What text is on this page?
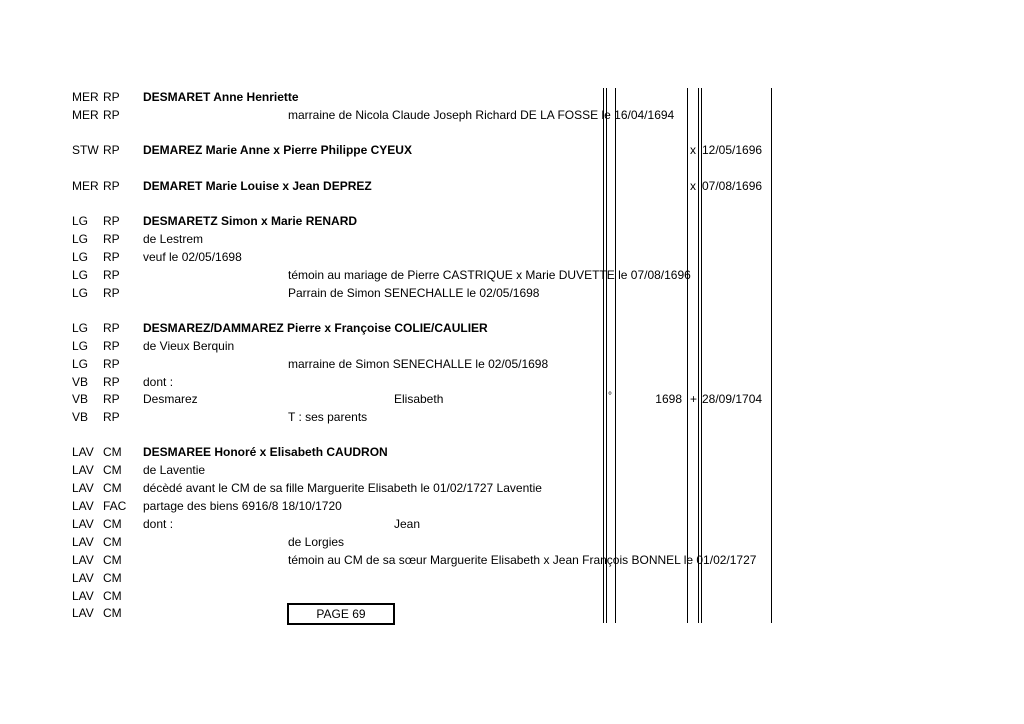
MER RP DESMARET Anne Henriette
MER RP	marraine de Nicola Claude Joseph Richard DE LA FOSSE le 16/04/1694
STW RP DEMAREZ Marie Anne x Pierre Philippe CYEUX	x 12/05/1696
MER RP DEMARET Marie Louise x Jean DEPREZ	x 07/08/1696
LG RP DESMARETZ Simon x Marie RENARD
LG RP de Lestrem
LG RP veuf le 02/05/1698
LG RP	témoin au mariage de Pierre CASTRIQUE x Marie DUVETTE le 07/08/1696
LG RP	Parrain de Simon SENECHALLE le 02/05/1698
LG RP DESMAREZ/DAMMAREZ Pierre x Françoise COLIE/CAULIER
LG RP de Vieux Berquin
LG RP	marraine de Simon SENECHALLE le 02/05/1698
VB RP dont :
VB RP Desmarez	Elisabeth	°	1698 + 28/09/1704
VB RP	T : ses parents
LAV CM DESMAREE Honoré x Elisabeth CAUDRON
LAV CM de Laventie
LAV CM décèdé avant le CM de sa fille Marguerite Elisabeth le 01/02/1727 Laventie
LAV FAC partage des biens 6916/8 18/10/1720
LAV CM dont :	Jean
LAV CM	de Lorgies
LAV CM	témoin au CM de sa sœur Marguerite Elisabeth x Jean François BONNEL le 01/02/1727
LAV CM
LAV CM
LAV CM	PAGE 69
